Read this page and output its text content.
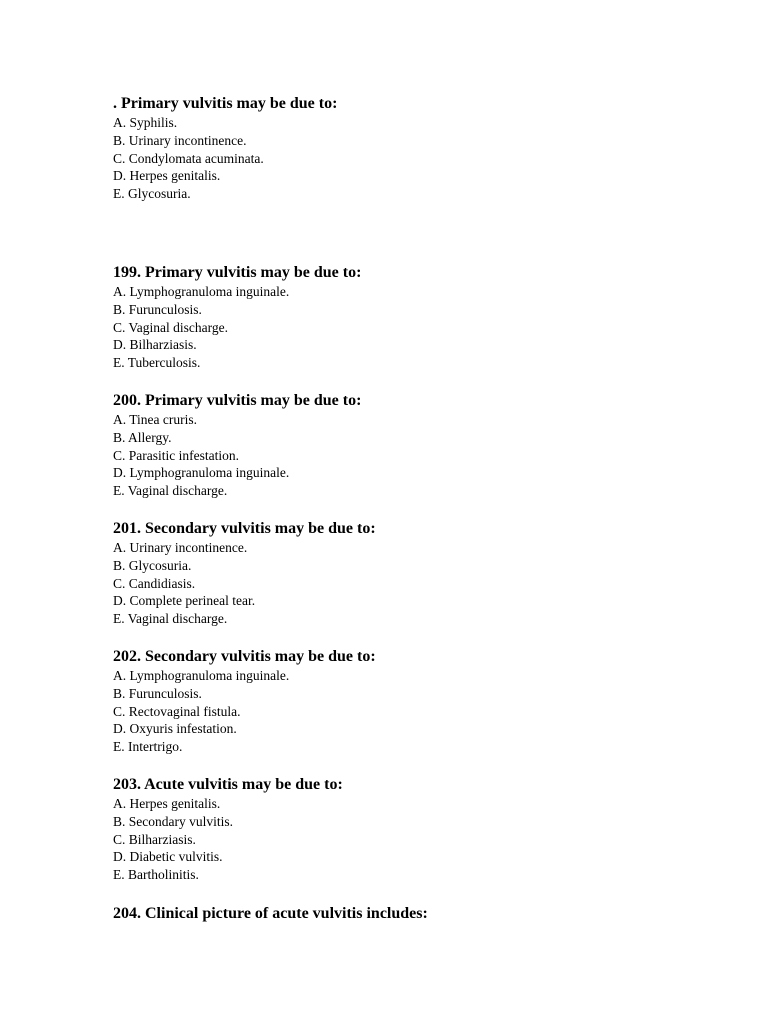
. Primary vulvitis may be due to:

A. Syphilis.
B. Urinary incontinence.
C. Condylomata acuminata.
D. Herpes genitalis.
E. Glycosuria.

199. Primary vulvitis may be due to:

A. Lymphogranuloma inguinale.
B. Furunculosis.
C. Vaginal discharge.
D. Bilharziasis.
E. Tuberculosis.

200. Primary vulvitis may be due to:

A. Tinea cruris.
B. Allergy.
C. Parasitic infestation.
D. Lymphogranuloma inguinale.
E. Vaginal discharge.

201. Secondary vulvitis may be due to:

A. Urinary incontinence.
B. Glycosuria.
C. Candidiasis.
D. Complete perineal tear.
E. Vaginal discharge.

202. Secondary vulvitis may be due to:

A. Lymphogranuloma inguinale.
B. Furunculosis.
C. Rectovaginal fistula.
D. Oxyuris infestation.
E. Intertrigo.

203. Acute vulvitis may be due to:

A. Herpes genitalis.
B. Secondary vulvitis.
C. Bilharziasis.
D. Diabetic vulvitis.
E. Bartholinitis.

204. Clinical picture of acute vulvitis includes:
